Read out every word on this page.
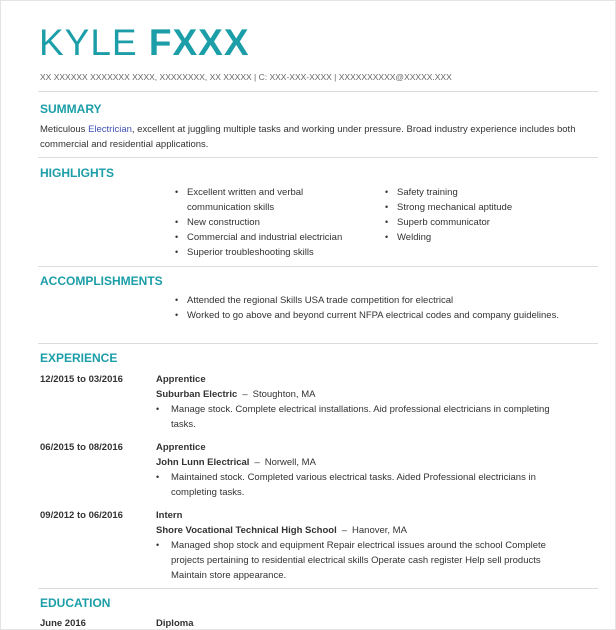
KYLE FXXX
XX XXXXXX XXXXXXX XXXX, XXXXXXXX, XX XXXXX | C: XXX-XXX-XXXX | XXXXXXXXXX@XXXXX.XXX
SUMMARY
Meticulous Electrician, excellent at juggling multiple tasks and working under pressure. Broad industry experience includes both commercial and residential applications.
HIGHLIGHTS
• Excellent written and verbal communication skills
• New construction
• Commercial and industrial electrician
• Superior troubleshooting skills
• Safety training
• Strong mechanical aptitude
• Superb communicator
• Welding
ACCOMPLISHMENTS
• Attended the regional Skills USA trade competition for electrical
• Worked to go above and beyond current NFPA electrical codes and company guidelines.
EXPERIENCE
12/2015 to 03/2016	Apprentice
Suburban Electric – Stoughton, MA
• Manage stock. Complete electrical installations. Aid professional electricians in completing tasks.
06/2015 to 08/2016	Apprentice
John Lunn Electrical – Norwell, MA
• Maintained stock. Completed various electrical tasks. Aided Professional electricians in completing tasks.
09/2012 to 06/2016	Intern
Shore Vocational Technical High School – Hanover, MA
• Managed shop stock and equipment Repair electrical issues around the school Complete projects pertaining to residential electrical skills Operate cash register Help sell products Maintain store appearance.
EDUCATION
June 2016	Diploma
